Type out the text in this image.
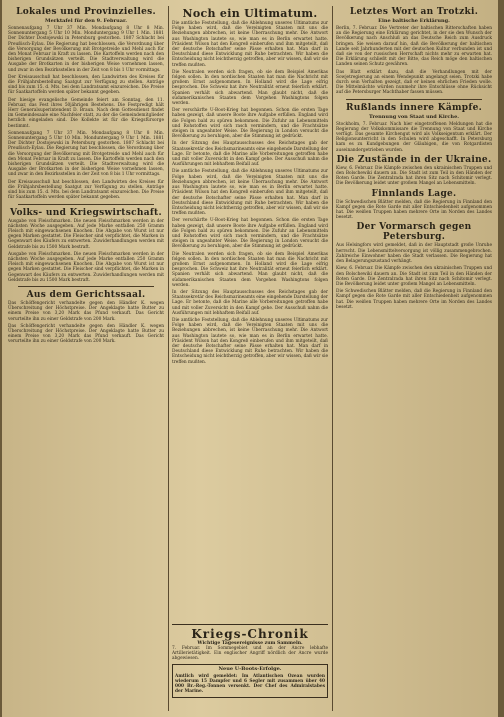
Lokales und Provinzielles.
Merktafel für den 9. Februar.

Sonnenaufgang 7 Uhr 37 Min. Mondaufgang 8 Uhr 8 Min. Sonnenuntergang 5 Uhr 10 Min. Monduntergang 9 Uhr 1 Min. 1881 Der Dichter Dostojewski in Petersburg gestorben. 1807 Schlacht bei Preußisch-Eylau. Die Regierung hat beschlossen, die Verordnung über die Versorgung der Bevölkerung mit Brotgetreide und Mehl auch für den Monat Februar in Kraft zu lassen. Die Kartoffeln werden nach den bisherigen Grundsätzen verteilt. Die Stadtverwaltung wird die Ausgabe der Brotkarten in der bisherigen Weise vornehmen lassen, und zwar in den Bezirksstellen in der Zeit von 8 bis 1 Uhr vormittags.

Der Kreisausschuß hat beschlossen, den Landwirten des Kreises für die Frühjahrsbestellung Saatgut zur Verfügung zu stellen. Anträge sind bis zum 15. d. Mts. bei dem Landratsamt einzureichen. Die Preise für Saatkartoffeln werden später bekannt gegeben.

Der hiesige evangelische Gemeinde feiert am Sonntag, den 11. Februar, das Fest ihres 50jährigen Bestehens. Die Festpredigt hält Herr Generalsuperintendent D. Braun. Nach dem Gottesdienst findet im Gemeindesaale eine Nachfeier statt, zu der die Gemeindemitglieder herzlich eingeladen sind. Die Kollekte ist für die Kriegsfürsorge bestimmt.

Sonnenaufgang 7 Uhr 37 Min. Mondaufgang 8 Uhr 8 Min. Sonnenuntergang 5 Uhr 10 Min. Monduntergang 9 Uhr 1 Min. 1881 Der Dichter Dostojewski in Petersburg gestorben. 1807 Schlacht bei Preußisch-Eylau. Die Regierung hat beschlossen, die Verordnung über die Versorgung der Bevölkerung mit Brotgetreide und Mehl auch für den Monat Februar in Kraft zu lassen. Die Kartoffeln werden nach den bisherigen Grundsätzen verteilt. Die Stadtverwaltung wird die Ausgabe der Brotkarten in der bisherigen Weise vornehmen lassen, und zwar in den Bezirksstellen in der Zeit von 8 bis 1 Uhr vormittags.

Der Kreisausschuß hat beschlossen, den Landwirten des Kreises für die Frühjahrsbestellung Saatgut zur Verfügung zu stellen. Anträge sind bis zum 15. d. Mts. bei dem Landratsamt einzureichen. Die Preise für Saatkartoffeln werden später bekannt gegeben.

Volks- und Kriegswirtschaft.

Ausgabe von Fleischmarken. Die neuen Fleischmarken werden in der nächsten Woche ausgegeben. Auf jede Marke entfallen 250 Gramm Fleisch mit eingewachsenen Knochen. Die Abgabe von Wurst ist nur gegen Marken gestattet. Die Fleischer sind verpflichtet, die Marken in Gegenwart des Käufers zu entwerten. Zuwiderhandlungen werden mit Geldstrafe bis zu 1500 Mark bestraft.

Ausgabe von Fleischmarken. Die neuen Fleischmarken werden in der nächsten Woche ausgegeben. Auf jede Marke entfallen 250 Gramm Fleisch mit eingewachsenen Knochen. Die Abgabe von Wurst ist nur gegen Marken gestattet. Die Fleischer sind verpflichtet, die Marken in Gegenwart des Käufers zu entwerten. Zuwiderhandlungen werden mit Geldstrafe bis zu 1500 Mark bestraft.

Aus dem Gerichtssaal.

Das Schöffengericht verhandelte gegen den Händler K. wegen Überschreitung der Höchstpreise. Der Angeklagte hatte Butter zu einem Preise von 3,20 Mark das Pfund verkauft. Das Gericht verurteilte ihn zu einer Geldstrafe von 200 Mark.

Das Schöffengericht verhandelte gegen den Händler K. wegen Überschreitung der Höchstpreise. Der Angeklagte hatte Butter zu einem Preise von 3,20 Mark das Pfund verkauft. Das Gericht verurteilte ihn zu einer Geldstrafe von 200 Mark.

Noch ein Ultimatum.

Die amtliche Feststellung, daß die Ablehnung unseres Ultimatums zur Folge haben wird, daß die Vereinigten Staaten mit uns die Beziehungen abbrechen, ist keine Überraschung mehr. Die Antwort aus Washington lautete so, wie man es in Berlin erwartet hatte. Präsident Wilson hat den Kongreß einberufen und ihm mitgeteilt, daß der deutsche Botschafter seine Pässe erhalten hat. Man darf in Deutschland diese Entwicklung mit Ruhe betrachten. Wir haben die Entscheidung nicht leichtherzig getroffen, aber wir wissen, daß wir sie treffen mußten.

Die Neutralen werden sich fragen, ob sie dem Beispiel Amerikas folgen sollen. In den nordischen Staaten hat man die Nachricht mit großem Ernst aufgenommen. In Holland wird die Lage eifrig besprochen. Die Schweiz hat ihre Neutralität erneut feierlich erklärt. Spanien verhält sich abwartend. Man glaubt nicht, daß die südamerikanischen Staaten dem Vorgehen Washingtons folgen werden.

Der verschärfte U-Boot-Krieg hat begonnen. Schon die ersten Tage haben gezeigt, daß unsere Boote ihre Aufgabe erfüllen. England wird die Folgen bald zu spüren bekommen. Die Zufuhr an Lebensmitteln und Rohstoffen wird sich rasch vermindern, und die Frachtsätze steigen in ungeahnter Weise. Die Regierung in London versucht die Bevölkerung zu beruhigen, aber die Stimmung ist gedrückt.

In der Sitzung des Hauptausschusses des Reichstages gab der Staatssekretär des Reichsmarineamts eine eingehende Darstellung der Lage. Er betonte, daß die Marine alle Vorbereitungen getroffen habe und mit voller Zuversicht in den Kampf gehe. Der Ausschuß nahm die Ausführungen mit lebhaftem Beifall auf.

Die amtliche Feststellung, daß die Ablehnung unseres Ultimatums zur Folge haben wird, daß die Vereinigten Staaten mit uns die Beziehungen abbrechen, ist keine Überraschung mehr. Die Antwort aus Washington lautete so, wie man es in Berlin erwartet hatte. Präsident Wilson hat den Kongreß einberufen und ihm mitgeteilt, daß der deutsche Botschafter seine Pässe erhalten hat. Man darf in Deutschland diese Entwicklung mit Ruhe betrachten. Wir haben die Entscheidung nicht leichtherzig getroffen, aber wir wissen, daß wir sie treffen mußten.

Der verschärfte U-Boot-Krieg hat begonnen. Schon die ersten Tage haben gezeigt, daß unsere Boote ihre Aufgabe erfüllen. England wird die Folgen bald zu spüren bekommen. Die Zufuhr an Lebensmitteln und Rohstoffen wird sich rasch vermindern, und die Frachtsätze steigen in ungeahnter Weise. Die Regierung in London versucht die Bevölkerung zu beruhigen, aber die Stimmung ist gedrückt.

Die Neutralen werden sich fragen, ob sie dem Beispiel Amerikas folgen sollen. In den nordischen Staaten hat man die Nachricht mit großem Ernst aufgenommen. In Holland wird die Lage eifrig besprochen. Die Schweiz hat ihre Neutralität erneut feierlich erklärt. Spanien verhält sich abwartend. Man glaubt nicht, daß die südamerikanischen Staaten dem Vorgehen Washingtons folgen werden.

In der Sitzung des Hauptausschusses des Reichstages gab der Staatssekretär des Reichsmarineamts eine eingehende Darstellung der Lage. Er betonte, daß die Marine alle Vorbereitungen getroffen habe und mit voller Zuversicht in den Kampf gehe. Der Ausschuß nahm die Ausführungen mit lebhaftem Beifall auf.

Die amtliche Feststellung, daß die Ablehnung unseres Ultimatums zur Folge haben wird, daß die Vereinigten Staaten mit uns die Beziehungen abbrechen, ist keine Überraschung mehr. Die Antwort aus Washington lautete so, wie man es in Berlin erwartet hatte. Präsident Wilson hat den Kongreß einberufen und ihm mitgeteilt, daß der deutsche Botschafter seine Pässe erhalten hat. Man darf in Deutschland diese Entwicklung mit Ruhe betrachten. Wir haben die Entscheidung nicht leichtherzig getroffen, aber wir wissen, daß wir sie treffen mußten.

Kriegs-Chronik
Wichtige Tagesereignisse zum Sammeln.

7. Februar. Im Sommegebiet und an der Ancre lebhafte Artillerietätigkeit. Ein englischer Angriff nördlich der Ancre wurde abgewiesen.

Neue U-Boots-Erfolge.

Amtlich wird gemeldet: Im Atlantischen Ozean wurden wiederum 15 Dampfer und 6 Segler mit zusammen über 40 000 Br.-Reg.-Tonnen versenkt. Der Chef des Admiralstabes der Marine.

Letztes Wort an Trotzki.
Eine baltische Erklärung.

Berlin, 7. Februar. Die Vertreter der baltischen Ritterschaften haben an die Regierung eine Erklärung gerichtet, in der sie den Wunsch der Bevölkerung nach Anschluß an das Deutsche Reich zum Ausdruck bringen. Sie weisen darauf hin, daß die Bevölkerung der baltischen Lande seit Jahrhunderten mit der deutschen Kultur verbunden ist und daß sie von der russischen Herrschaft nichts mehr zu erwarten hat. Die Erklärung schließt mit der Bitte, das Reich möge den baltischen Landen seinen Schutz gewähren.

Das Blatt erklärt dazu, daß die Verhandlungen mit der Sowjetregierung an einem Wendepunkt angelangt seien. Trotzki habe durch sein Verhalten gezeigt, daß er keinen ehrlichen Frieden wolle. Die Mittelmächte würden nunmehr ihre Entschlüsse ohne Rücksicht auf die Petersburger Machthaber fassen müssen.

Rußlands innere Kämpfe.
Trennung von Staat und Kirche.

Stockholm, 7. Februar. Nach hier eingetroffenen Meldungen hat die Regierung der Volkskommissare die Trennung von Staat und Kirche verfügt. Das gesamte Kirchengut wird als Volkseigentum erklärt. Der Religionsunterricht in den Schulen wird abgeschafft. In Petersburg kam es zu Kundgebungen der Gläubigen, die von Rotgardisten auseinandergetrieben wurden.

Die Zustände in der Ukraine.

Kiew, 6. Februar. Die Kämpfe zwischen den ukrainischen Truppen und den Bolschewiki dauern an. Die Stadt ist zum Teil in den Händen der Roten Garde. Die Zentralrada hat ihren Sitz nach Schitomir verlegt. Die Bevölkerung leidet unter großem Mangel an Lebensmitteln.

Finnlands Lage.

Die Schwedischen Blätter melden, daß die Regierung in Finnland den Kampf gegen die Rote Garde mit aller Entschiedenheit aufgenommen hat. Die weißen Truppen haben mehrere Orte im Norden des Landes besetzt.

Der Vormarsch gegen Petersburg.

Aus Helsingfors wird gemeldet, daß in der Hauptstadt große Unruhe herrscht. Die Lebensmittelversorgung ist völlig zusammengebrochen. Zahlreiche Einwohner haben die Stadt verlassen. Die Regierung hat den Belagerungszustand verhängt.

Kiew, 6. Februar. Die Kämpfe zwischen den ukrainischen Truppen und den Bolschewiki dauern an. Die Stadt ist zum Teil in den Händen der Roten Garde. Die Zentralrada hat ihren Sitz nach Schitomir verlegt. Die Bevölkerung leidet unter großem Mangel an Lebensmitteln.

Die Schwedischen Blätter melden, daß die Regierung in Finnland den Kampf gegen die Rote Garde mit aller Entschiedenheit aufgenommen hat. Die weißen Truppen haben mehrere Orte im Norden des Landes besetzt.
